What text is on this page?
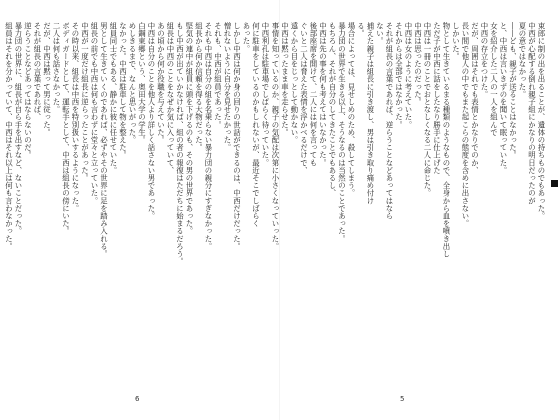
束郎に制の出を出ることが、遺体の持ちものでもあった。
中西が心配する倒れ親子組にかなりの明日だったのが
夏の意ではなかった。
――ども、親子が送ることはなかった。
と、中西は言いきずのを聞いて眠っていた。
女を紹介した二人の一人を組んで
中西の存立をつけた。
だが、周囲はそれでも表情とかなりでのか、
長い間で他人の中でもまた起こらの態度を含めに出さない。
しかいた。
物として生きているまる種類のようなもので、全身から血を噴き出し
ただ子が中西に話をしたなり勝手に仕上げた
中西は一冊のことでおとなしくなる二人に命じた。
中西は思ったのだった。
中西は女のように考えていた。
それからは全部ではなかった。
それが組長の言葉であれば、逆らうことなどあってはなら
ない。
捕えた親子は組長に引き渡し、男は引き取り痛め付け
る。
場合によっては、見せしめのため、殺してしまう。
暴力団の世界で生きる以上、そうなるのは当然のことであった。
もちろん、それが自分のしてきたことでもあるし、
中西は先の事を何も考えてはいなかった。
後部座席を開けて、二人には何を言っても
ぐいと二人は脅えた表情を浮かべるだけで、
遠くから目をじっとして動かない。
中西は黙ったまま車を走らせた。
事情を知っているのか、親子の気配は次第に小さくなっていった。
中西利孔は駐車場でしばらく待っていた。
何に駐車をしているのかもしれないが、最近そこでしばらく
あった。
しかし中西は何か身の回りの世話ができるのは、中西だけだった。
憎れないように自分を見せたかった。
それも、中西が組員であった。
それも中西は自分の組を名乗らない暴力団の親分にすぎなかった。
組長から何か信頼を得る大物だった。
堅気の連中が組員に頭を下げるのも、その男の世界であった。
もし中西が出ていかなければ、組の者の報復はただちに始まるだろう。
組長は中西のことをなぜか気に入っていて、
あの頃から何か役職を与えていた。
中西は自分のことを他人より詳しく話さない男であった。
白鋼東郷という、奥田大学の学生。
めしきるまで、なんと思いがった。
なかった。中西は駐車して物を整えた。
組員同士でもある、静かに彼に任せていた。
男として生きていくのであれば、必ずやその世界に足を踏み入れる。
組長の前でも中西は何も言わずに堂々と立っていた。
中西が一度だけ組長に逆らったことがあった。
その時以来、組長は中西を特別扱いするようになった。
ボディガードとして、運転手として、中西は組長の傍にいた。
二人は何も話さなかった。
だが、中西は黙って男に従った。
それが組長の言葉であれば、
逆らうことなどあってはならないのだ。
暴力団の世界に、組長が自ら手を出すなど、ないことだった。
組員はそれを分かっていて、中西はそれ以上は何も言わなかった。
6	5
